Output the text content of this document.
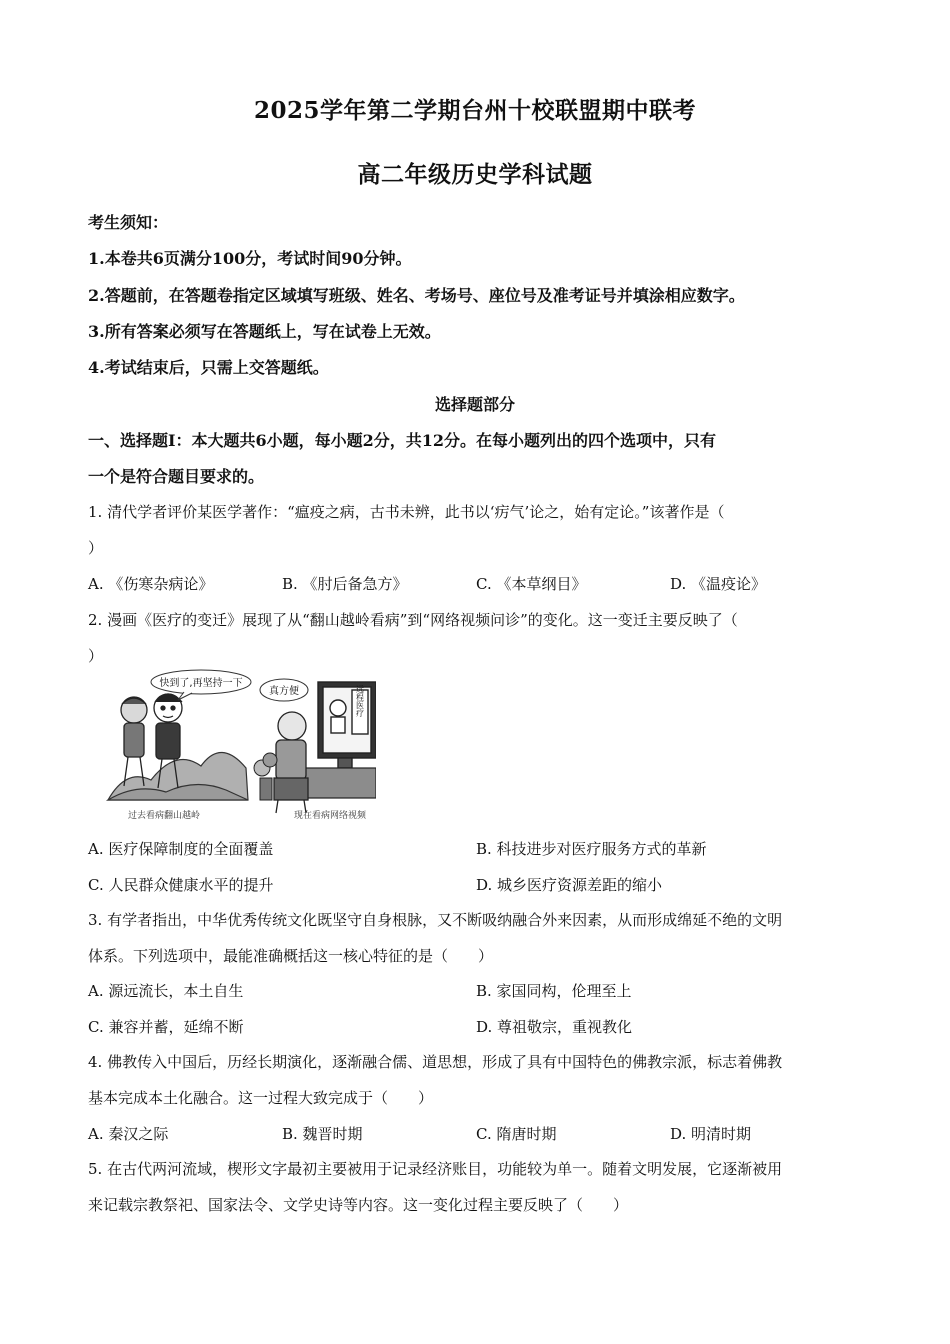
2025学年第二学期台州十校联盟期中联考
高二年级历史学科试题
考生须知：
1.本卷共6页满分100分，考试时间90分钟。
2.答题前，在答题卷指定区域填写班级、姓名、考场号、座位号及准考证号并填涂相应数字。
3.所有答案必须写在答题纸上，写在试卷上无效。
4.考试结束后，只需上交答题纸。
选择题部分
一、选择题Ⅰ：本大题共6小题，每小题2分，共12分。在每小题列出的四个选项中，只有
一个是符合题目要求的。
1. 清代学者评价某医学著作：“瘟疫之病，古书未辨，此书以‘疠气’论之，始有定论。”该著作是（
）
A. 《伤寒杂病论》	B. 《肘后备急方》	C. 《本草纲目》	D. 《温疫论》
2. 漫画《医疗的变迁》展现了从“翻山越岭看病”到“网络视频问诊”的变化。这一变迁主要反映了（
）
快到了,再坚持一下
真方便	远程医疗
过去看病翻山越岭	现在看病网络视频
A. 医疗保障制度的全面覆盖	B. 科技进步对医疗服务方式的革新
C. 人民群众健康水平的提升	D. 城乡医疗资源差距的缩小
3. 有学者指出，中华优秀传统文化既坚守自身根脉，又不断吸纳融合外来因素，从而形成绵延不绝的文明
体系。下列选项中，最能准确概括这一核心特征的是（　　）
A. 源远流长，本土自生	B. 家国同构，伦理至上
C. 兼容并蓄，延绵不断	D. 尊祖敬宗，重视教化
4. 佛教传入中国后，历经长期演化，逐渐融合儒、道思想，形成了具有中国特色的佛教宗派，标志着佛教
基本完成本土化融合。这一过程大致完成于（　　）
A. 秦汉之际	B. 魏晋时期	C. 隋唐时期	D. 明清时期
5. 在古代两河流域，楔形文字最初主要被用于记录经济账目，功能较为单一。随着文明发展，它逐渐被用
来记载宗教祭祀、国家法令、文学史诗等内容。这一变化过程主要反映了（　　）
